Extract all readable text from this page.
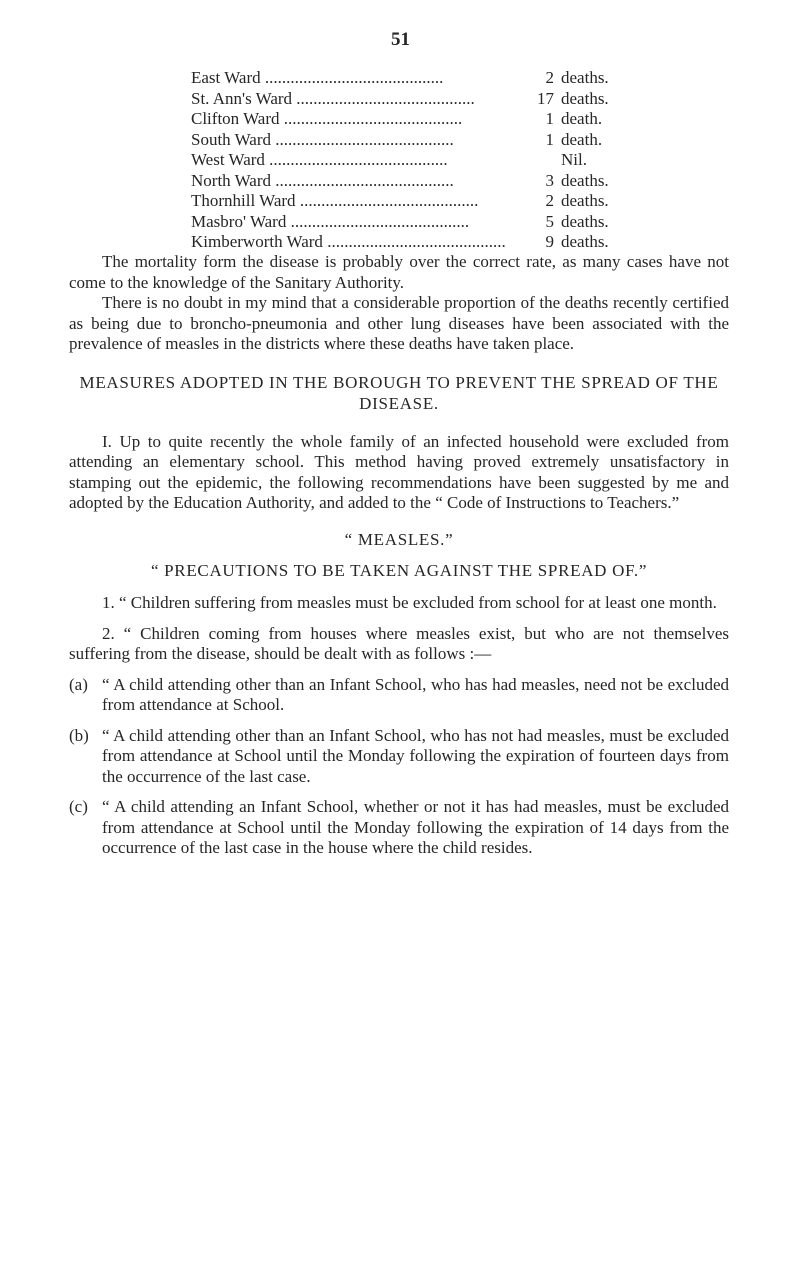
51
East Ward ..........................................	2 deaths.
St. Ann's Ward ..........................................	17 deaths.
Clifton Ward ..........................................	1 death.
South Ward ..........................................	1 death.
West Ward ..........................................	Nil.
North Ward ..........................................	3 deaths.
Thornhill Ward ..........................................	2 deaths.
Masbro' Ward ..........................................	5 deaths.
Kimberworth Ward ..........................................	9 deaths.

The mortality form the disease is probably over the correct rate, as many cases have not come to the knowledge of the Sanitary Authority.

There is no doubt in my mind that a considerable proportion of the deaths recently certified as being due to broncho-pneumonia and other lung diseases have been associated with the prevalence of measles in the districts where these deaths have taken place.

MEASURES ADOPTED IN THE BOROUGH TO PREVENT THE SPREAD OF THE DISEASE.

I. Up to quite recently the whole family of an infected household were excluded from attending an elementary school. This method having proved extremely unsatisfactory in stamping out the epidemic, the following recommendations have been suggested by me and adopted by the Education Authority, and added to the “ Code of Instructions to Teachers.”

“ MEASLES.”
“ PRECAUTIONS TO BE TAKEN AGAINST THE SPREAD OF.”

1. “ Children suffering from measles must be excluded from school for at least one month.

2. “ Children coming from houses where measles exist, but who are not themselves suffering from the disease, should be dealt with as follows :—

(a) “ A child attending other than an Infant School, who has had measles, need not be excluded from attendance at School.
(b) “ A child attending other than an Infant School, who has not had measles, must be excluded from attendance at School until the Monday following the expiration of fourteen days from the occurrence of the last case.
(c) “ A child attending an Infant School, whether or not it has had measles, must be excluded from attendance at School until the Monday following the expiration of 14 days from the occurrence of the last case in the house where the child resides.
